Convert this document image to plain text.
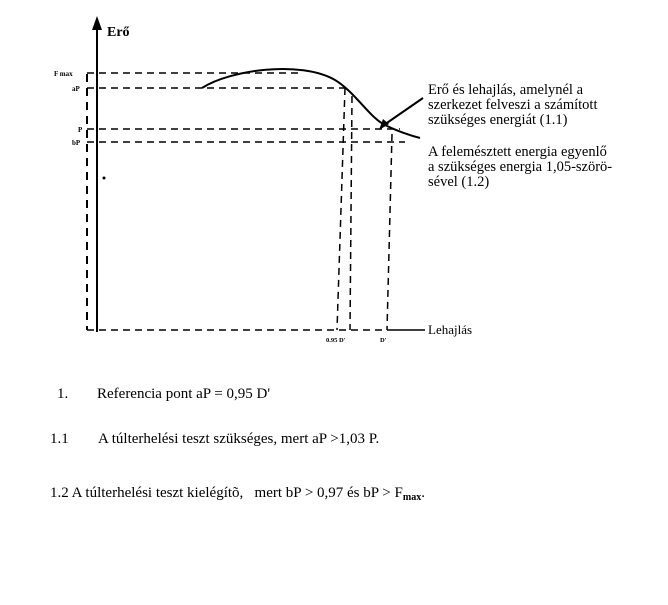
Erő
Lehajlás
F max
aP
P
bP
0.95 D'	D'
Erő és lehajlás, amelynél a
szerkezet felveszi a számított
szükséges energiát (1.1)
A felemésztett energia egyenlő
a szükséges energia 1,05-szörö-
sével (1.2)
1. Referencia pont aP = 0,95 D'
1.1 A túlterhelési teszt szükséges, mert aP >1,03 P.
1.2 A túlterhelési teszt kielégítõ,   mert bP > 0,97 és bP > $F_{max}$.
